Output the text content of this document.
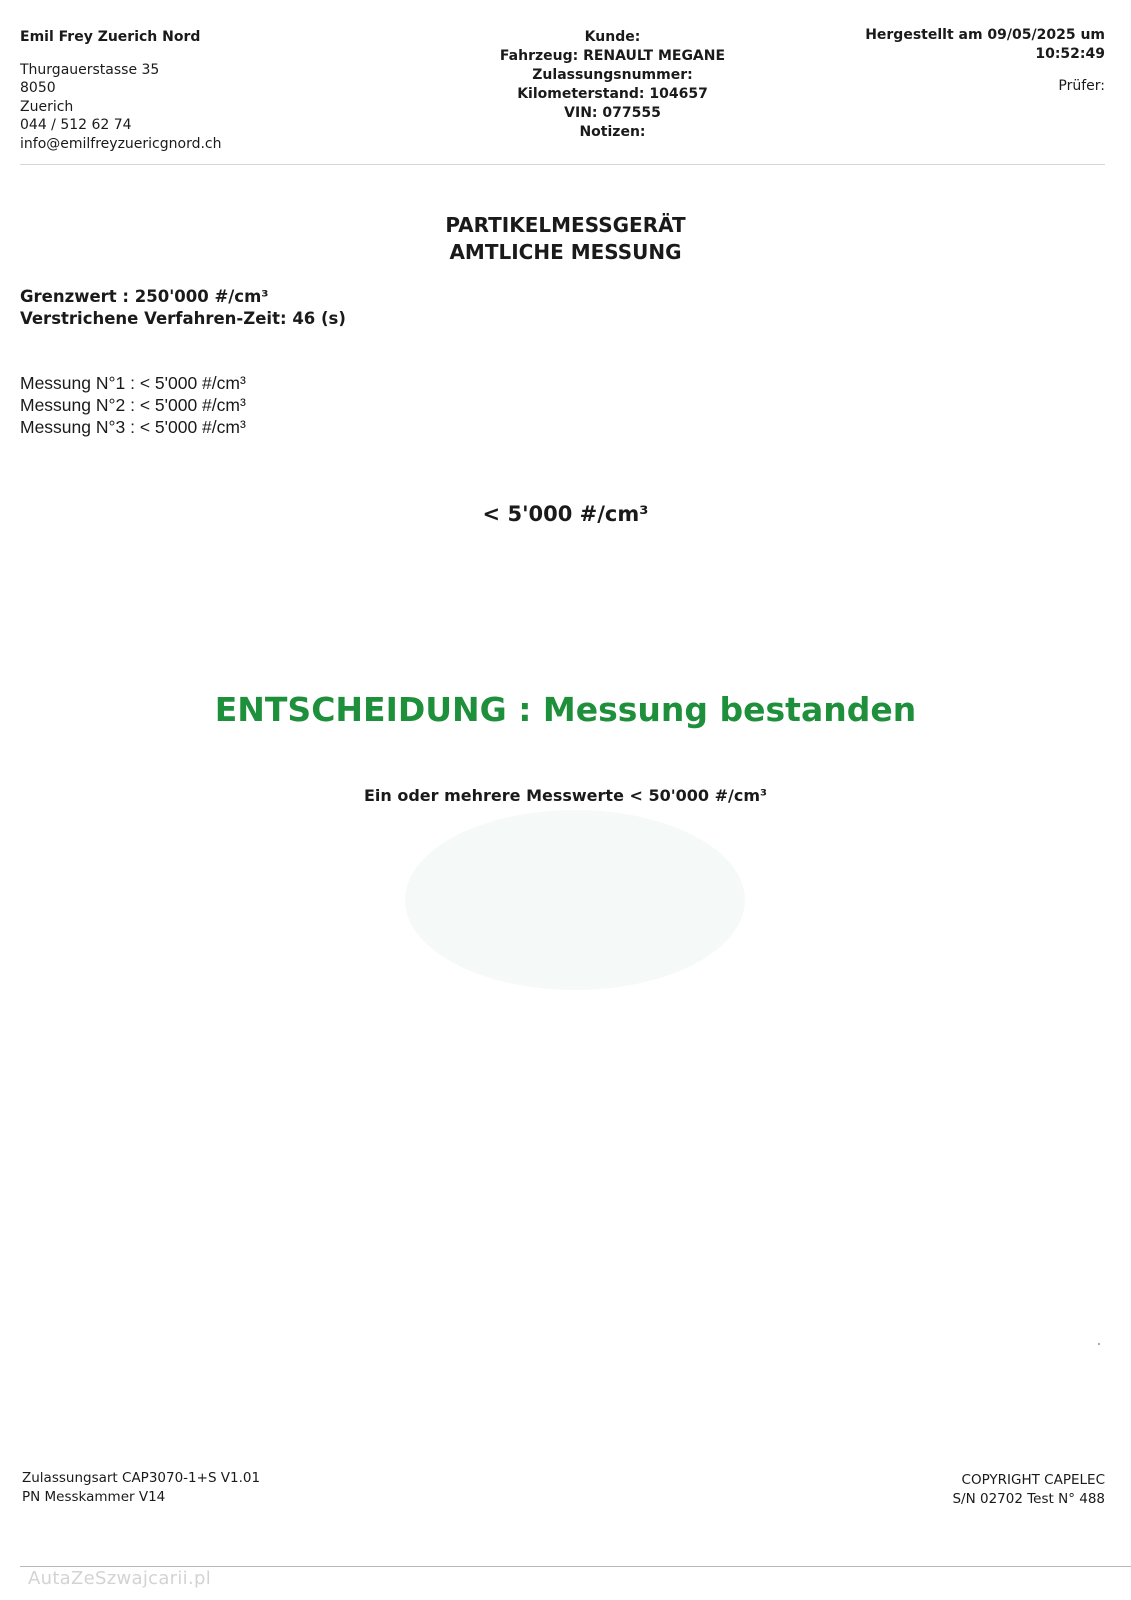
Emil Frey Zuerich Nord
Thurgauerstasse 35
8050
Zuerich
044 / 512 62 74
info@emilfreyzuericgnord.ch
Kunde:
Fahrzeug: RENAULT MEGANE
Zulassungsnummer:
Kilometerstand: 104657
VIN: 077555
Notizen:
Hergestellt am 09/05/2025 um
10:52:49
Prüfer:
PARTIKELMESSGERÄT
AMTLICHE MESSUNG
Grenzwert : 250'000 #/cm³
Verstrichene Verfahren-Zeit: 46 (s)
Messung N°1 : < 5'000 #/cm³
Messung N°2 : < 5'000 #/cm³
Messung N°3 : < 5'000 #/cm³
< 5'000 #/cm³
ENTSCHEIDUNG : Messung bestanden
Ein oder mehrere Messwerte < 50'000 #/cm³
Zulassungsart CAP3070-1+S V1.01
PN Messkammer V14
COPYRIGHT CAPELEC
S/N 02702 Test N° 488
AutaZeSzwajcarii.pl
